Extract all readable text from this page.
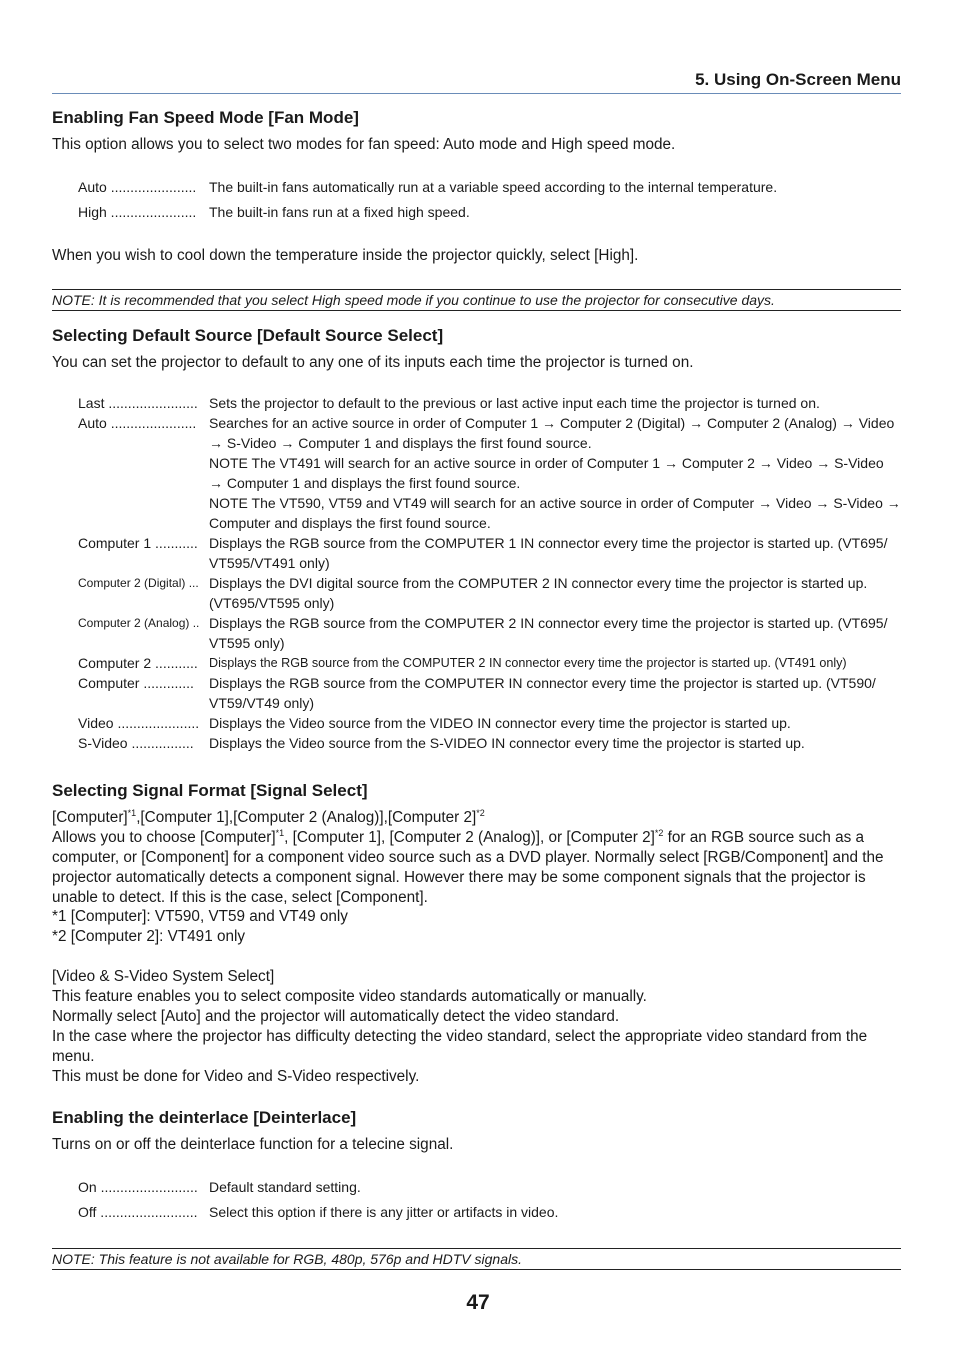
5. Using On-Screen Menu
Enabling Fan Speed Mode [Fan Mode]
This option allows you to select two modes for fan speed: Auto mode and High speed mode.
Auto ...................... The built-in fans automatically run at a variable speed according to the internal temperature.
High ...................... The built-in fans run at a fixed high speed.
When you wish to cool down the temperature inside the projector quickly, select [High].
NOTE: It is recommended that you select High speed mode if you continue to use the projector for consecutive days.
Selecting Default Source [Default Source Select]
You can set the projector to default to any one of its inputs each time the projector is turned on.
Last ....................... Sets the projector to default to the previous or last active input each time the projector is turned on.
Auto ...................... Searches for an active source in order of Computer 1 → Computer 2 (Digital) → Computer 2 (Analog) → Video → S-Video → Computer 1 and displays the first found source.
NOTE The VT491 will search for an active source in order of Computer 1 → Computer 2 → Video → S-Video → Computer 1 and displays the first found source.
NOTE The VT590, VT59 and VT49 will search for an active source in order of Computer → Video → S-Video → Computer and displays the first found source.
Computer 1 ........... Displays the RGB source from the COMPUTER 1 IN connector every time the projector is started up. (VT695/ VT595/VT491 only)
Computer 2 (Digital) ... Displays the DVI digital source from the COMPUTER 2 IN connector every time the projector is started up. (VT695/VT595 only)
Computer 2 (Analog) .. Displays the RGB source from the COMPUTER 2 IN connector every time the projector is started up. (VT695/ VT595 only)
Computer 2 ........... Displays the RGB source from the COMPUTER 2 IN connector every time the projector is started up. (VT491 only)
Computer .............	Displays the RGB source from the COMPUTER IN connector every time the projector is started up. (VT590/ VT59/VT49 only)
Video ..................... Displays the Video source from the VIDEO IN connector every time the projector is started up.
S-Video ................	Displays the Video source from the S-VIDEO IN connector every time the projector is started up.
Selecting Signal Format [Signal Select]
[Computer]$^{*1}$,[Computer 1],[Computer 2 (Analog)],[Computer 2]$^{*2}$
Allows you to choose [Computer]$^{*1}$, [Computer 1], [Computer 2 (Analog)], or [Computer 2]$^{*2}$ for an RGB source such as a computer, or [Component] for a component video source such as a DVD player. Normally select [RGB/Component] and the projector automatically detects a component signal. However there may be some component signals that the projector is unable to detect. If this is the case, select [Component].
*1 [Computer]: VT590, VT59 and VT49 only
*2 [Computer 2]: VT491 only
[Video & S-Video System Select]
This feature enables you to select composite video standards automatically or manually.
Normally select [Auto] and the projector will automatically detect the video standard.
In the case where the projector has difficulty detecting the video standard, select the appropriate video standard from the menu.
This must be done for Video and S-Video respectively.
Enabling the deinterlace [Deinterlace]
Turns on or off the deinterlace function for a telecine signal.
On ......................... Default standard setting.
Off ......................... Select this option if there is any jitter or artifacts in video.
NOTE: This feature is not available for RGB, 480p, 576p and HDTV signals.
47
